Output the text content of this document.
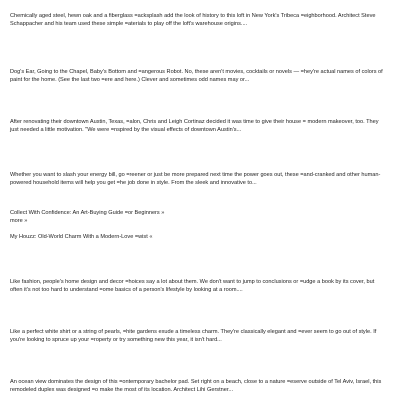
Chemically aged steel, hewn oak and a fiberglass =acksplash add the look of history to this loft in New York's Tribeca =eighborhood. Architect Steve Schappacher and his team used these simple =aterials to play off the loft's warehouse origins....

Dog's Ear, Going to the Chapel, Baby's Bottom and =angerous Robot. No, these aren't movies, cocktails or novels — =hey're actual names of colors of paint for the home. (See the last two =ere and here.) Clever and sometimes odd names may or...

After renovating their downtown Austin, Texas, =alon, Chris and Leigh Cortinaz decided it was time to give their house = modern makeover, too. They just needed a little motivation. "We were =nspired by the visual effects of downtown Austin's...

Whether you want to slash your energy bill, go =reener or just be more prepared next time the power goes out, these =and-cranked and other human-powered household items will help you get =he job done in style. From the sleek and innovative to...

Collect With Confidence: An Art-Buying Guide =or Beginners »
more »
My Houzz: Old-World Charm With a Modern-Love =wist «

Like fashion, people's home design and decor =hoices say a lot about them. We don't want to jump to conclusions or =udge a book by its cover, but often it's not too hard to understand =ome basics of a person's lifestyle by looking at a room....

Like a perfect white shirt or a string of pearls, =hite gardens exude a timeless charm. They're classically elegant and =ever seem to go out of style. If you're looking to spruce up your =roperty or try something new this year, it isn't hard...

An ocean view dominates the design of this =ontemporary bachelor pad. Set right on a beach, close to a nature =eserve outside of Tel Aviv, Israel, this remodeled duplex was designed =o make the most of its location. Architect Lihi Gerstner...
